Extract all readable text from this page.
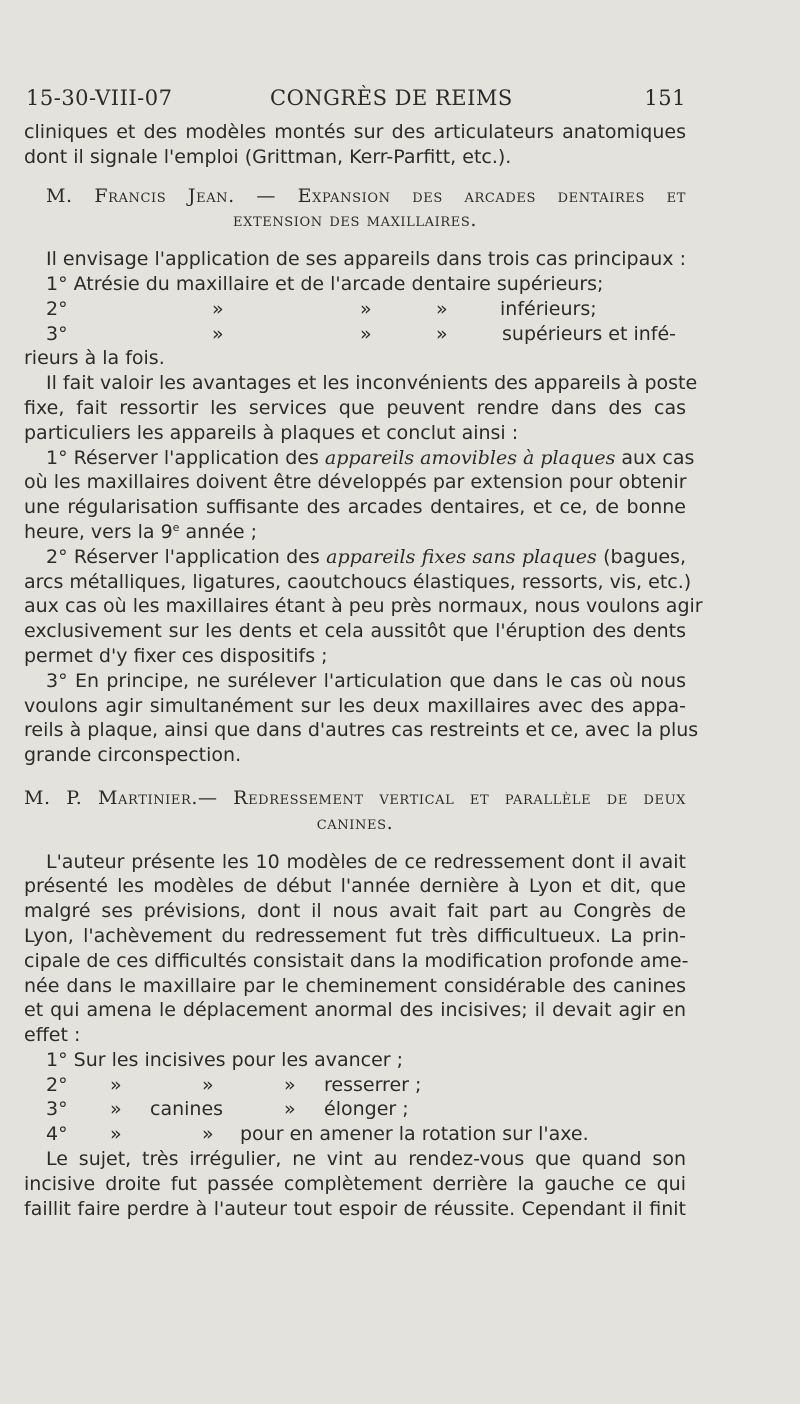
15-30-VIII-07	CONGRÈS DE REIMS	151
cliniques et des modèles montés sur des articulateurs anatomiques
dont il signale l'emploi (Grittman, Kerr-Parfitt, etc.).
M. Francis Jean. — Expansion des arcades dentaires et
extension des maxillaires.
Il envisage l'application de ses appareils dans trois cas principaux :
1° Atrésie du maxillaire et de l'arcade dentaire supérieurs;
2°	»	»	»	inférieurs;
3°	»	»	»	supérieurs et infé-
rieurs à la fois.
Il fait valoir les avantages et les inconvénients des appareils à poste
fixe, fait ressortir les services que peuvent rendre dans des cas
particuliers les appareils à plaques et conclut ainsi :
1° Réserver l'application des appareils amovibles à plaques aux cas
où les maxillaires doivent être développés par extension pour obtenir
une régularisation suffisante des arcades dentaires, et ce, de bonne
heure, vers la 9e année ;
2° Réserver l'application des appareils fixes sans plaques (bagues,
arcs métalliques, ligatures, caoutchoucs élastiques, ressorts, vis, etc.)
aux cas où les maxillaires étant à peu près normaux, nous voulons agir
exclusivement sur les dents et cela aussitôt que l'éruption des dents
permet d'y fixer ces dispositifs ;
3° En principe, ne surélever l'articulation que dans le cas où nous
voulons agir simultanément sur les deux maxillaires avec des appa-
reils à plaque, ainsi que dans d'autres cas restreints et ce, avec la plus
grande circonspection.
M. P. Martinier.— Redressement vertical et parallèle de deux
canines.
L'auteur présente les 10 modèles de ce redressement dont il avait
présenté les modèles de début l'année dernière à Lyon et dit, que
malgré ses prévisions, dont il nous avait fait part au Congrès de
Lyon, l'achèvement du redressement fut très difficultueux. La prin-
cipale de ces difficultés consistait dans la modification profonde ame-
née dans le maxillaire par le cheminement considérable des canines
et qui amena le déplacement anormal des incisives; il devait agir en
effet :
1° Sur les incisives pour les avancer ;
2° »	»	» resserrer ;
3° » canines	» élonger ;
4° »	» pour en amener la rotation sur l'axe.
Le sujet, très irrégulier, ne vint au rendez-vous que quand son
incisive droite fut passée complètement derrière la gauche ce qui
faillit faire perdre à l'auteur tout espoir de réussite. Cependant il finit
